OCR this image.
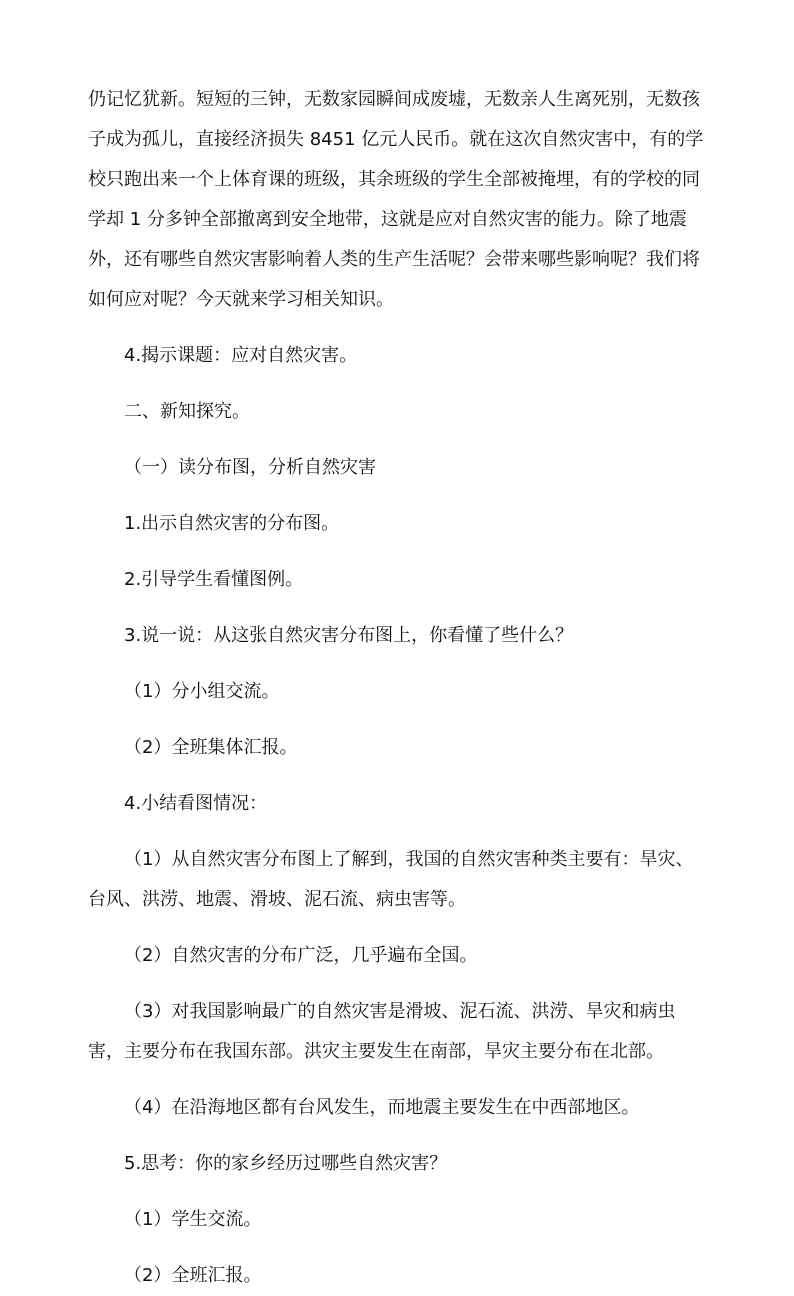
仍记忆犹新。短短的三钟，无数家园瞬间成废墟，无数亲人生离死别，无数孩子成为孤儿，直接经济损失 8451 亿元人民币。就在这次自然灾害中，有的学校只跑出来一个上体育课的班级，其余班级的学生全部被掩埋，有的学校的同学却 1 分多钟全部撤离到安全地带，这就是应对自然灾害的能力。除了地震外，还有哪些自然灾害影响着人类的生产生活呢？会带来哪些影响呢？我们将如何应对呢？今天就来学习相关知识。

4.揭示课题：应对自然灾害。

二、新知探究。

（一）读分布图，分析自然灾害

1.出示自然灾害的分布图。

2.引导学生看懂图例。

3.说一说：从这张自然灾害分布图上，你看懂了些什么？

（1）分小组交流。

（2）全班集体汇报。

4.小结看图情况：

（1）从自然灾害分布图上了解到，我国的自然灾害种类主要有：旱灾、台风、洪涝、地震、滑坡、泥石流、病虫害等。

（2）自然灾害的分布广泛，几乎遍布全国。

（3）对我国影响最广的自然灾害是滑坡、泥石流、洪涝、旱灾和病虫害，主要分布在我国东部。洪灾主要发生在南部，旱灾主要分布在北部。

（4）在沿海地区都有台风发生，而地震主要发生在中西部地区。

5.思考：你的家乡经历过哪些自然灾害？

（1）学生交流。

（2）全班汇报。
